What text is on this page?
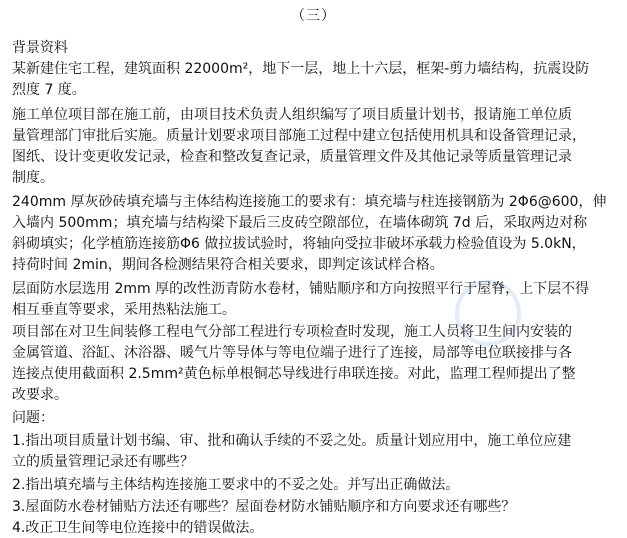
（三）
背景资料
某新建住宅工程，建筑面积 22000m²，地下一层，地上十六层，框架-剪力墙结构，抗震设防
烈度 7 度。
施工单位项目部在施工前，由项目技术负责人组织编写了项目质量计划书，报请施工单位质
量管理部门审批后实施。质量计划要求项目部施工过程中建立包括使用机具和设备管理记录，
图纸、设计变更收发记录，检查和整改复查记录，质量管理文件及其他记录等质量管理记录
制度。
240mm 厚灰砂砖填充墙与主体结构连接施工的要求有：填充墙与柱连接钢筋为 2Φ6@600，伸
入墙内 500mm；填充墙与结构梁下最后三皮砖空隙部位，在墙体砌筑 7d 后，采取两边对称
斜砌填实；化学植筋连接筋Φ6 做拉拔试验时，将轴向受拉非破坏承载力检验值设为 5.0kN，
持荷时间 2min，期间各检测结果符合相关要求，即判定该试样合格。
层面防水层选用 2mm 厚的改性沥青防水卷材，铺贴顺序和方向按照平行于屋脊，上下层不得
相互垂直等要求，采用热粘法施工。
项目部在对卫生间装修工程电气分部工程进行专项检查时发现，施工人员将卫生间内安装的
金属管道、浴缸、沐浴器、暖气片等导体与等电位端子进行了连接，局部等电位联接排与各
连接点使用截面积 2.5mm²黄色标单根铜芯导线进行串联连接。对此，监理工程师提出了整
改要求。
问题：
1.指出项目质量计划书编、审、批和确认手续的不妥之处。质量计划应用中，施工单位应建
立的质量管理记录还有哪些？
2.指出填充墙与主体结构连接施工要求中的不妥之处。并写出正确做法。
3.屋面防水卷材铺贴方法还有哪些？屋面卷材防水铺贴顺序和方向要求还有哪些？
4.改正卫生间等电位连接中的错误做法。
